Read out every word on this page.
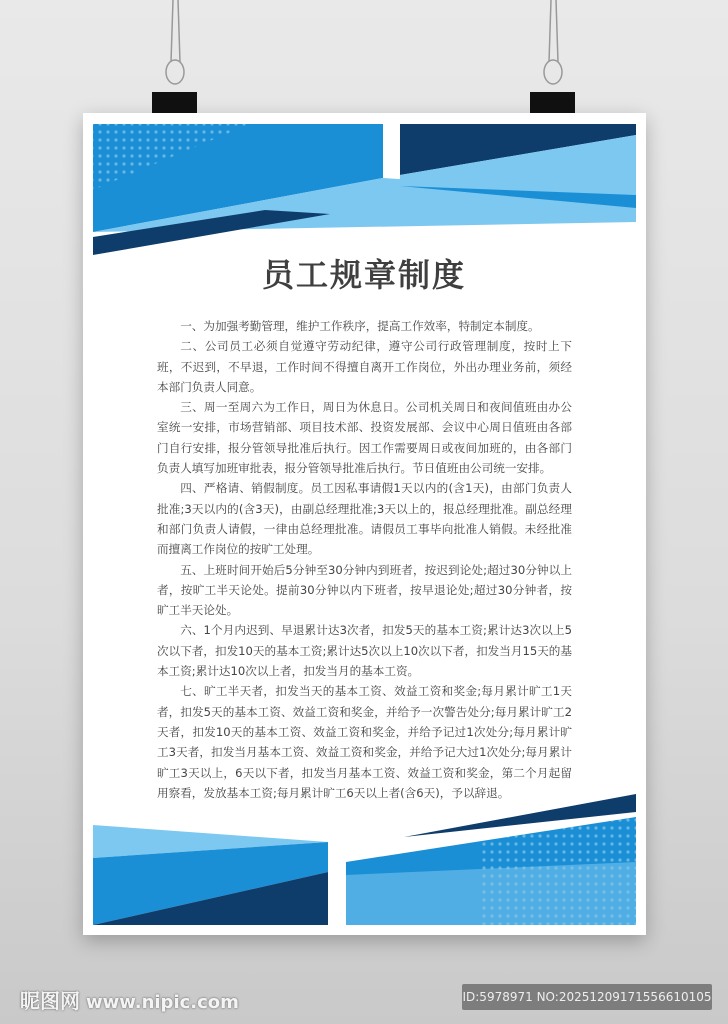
员工规章制度

一、为加强考勤管理，维护工作秩序，提高工作效率，特制定本制度。

二、公司员工必须自觉遵守劳动纪律，遵守公司行政管理制度，按时上下班，不迟到，不早退，工作时间不得擅自离开工作岗位，外出办理业务前，须经本部门负责人同意。

三、周一至周六为工作日，周日为休息日。公司机关周日和夜间值班由办公室统一安排，市场营销部、项目技术部、投资发展部、会议中心周日值班由各部门自行安排，报分管领导批准后执行。因工作需要周日或夜间加班的，由各部门负责人填写加班审批表，报分管领导批准后执行。节日值班由公司统一安排。

四、严格请、销假制度。员工因私事请假1天以内的(含1天)，由部门负责人批准;3天以内的(含3天)，由副总经理批准;3天以上的，报总经理批准。副总经理和部门负责人请假，一律由总经理批准。请假员工事毕向批准人销假。未经批准而擅离工作岗位的按旷工处理。

五、上班时间开始后5分钟至30分钟内到班者，按迟到论处;超过30分钟以上者，按旷工半天论处。提前30分钟以内下班者，按早退论处;超过30分钟者，按旷工半天论处。

六、1个月内迟到、早退累计达3次者，扣发5天的基本工资;累计达3次以上5次以下者，扣发10天的基本工资;累计达5次以上10次以下者，扣发当月15天的基本工资;累计达10次以上者，扣发当月的基本工资。

七、旷工半天者，扣发当天的基本工资、效益工资和奖金;每月累计旷工1天者，扣发5天的基本工资、效益工资和奖金，并给予一次警告处分;每月累计旷工2天者，扣发10天的基本工资、效益工资和奖金，并给予记过1次处分;每月累计旷工3天者，扣发当月基本工资、效益工资和奖金，并给予记大过1次处分;每月累计旷工3天以上，6天以下者，扣发当月基本工资、效益工资和奖金，第二个月起留用察看，发放基本工资;每月累计旷工6天以上者(含6天)，予以辞退。

昵图网 www.nipic.com	ID:5978971 NO:20251209171556610105
